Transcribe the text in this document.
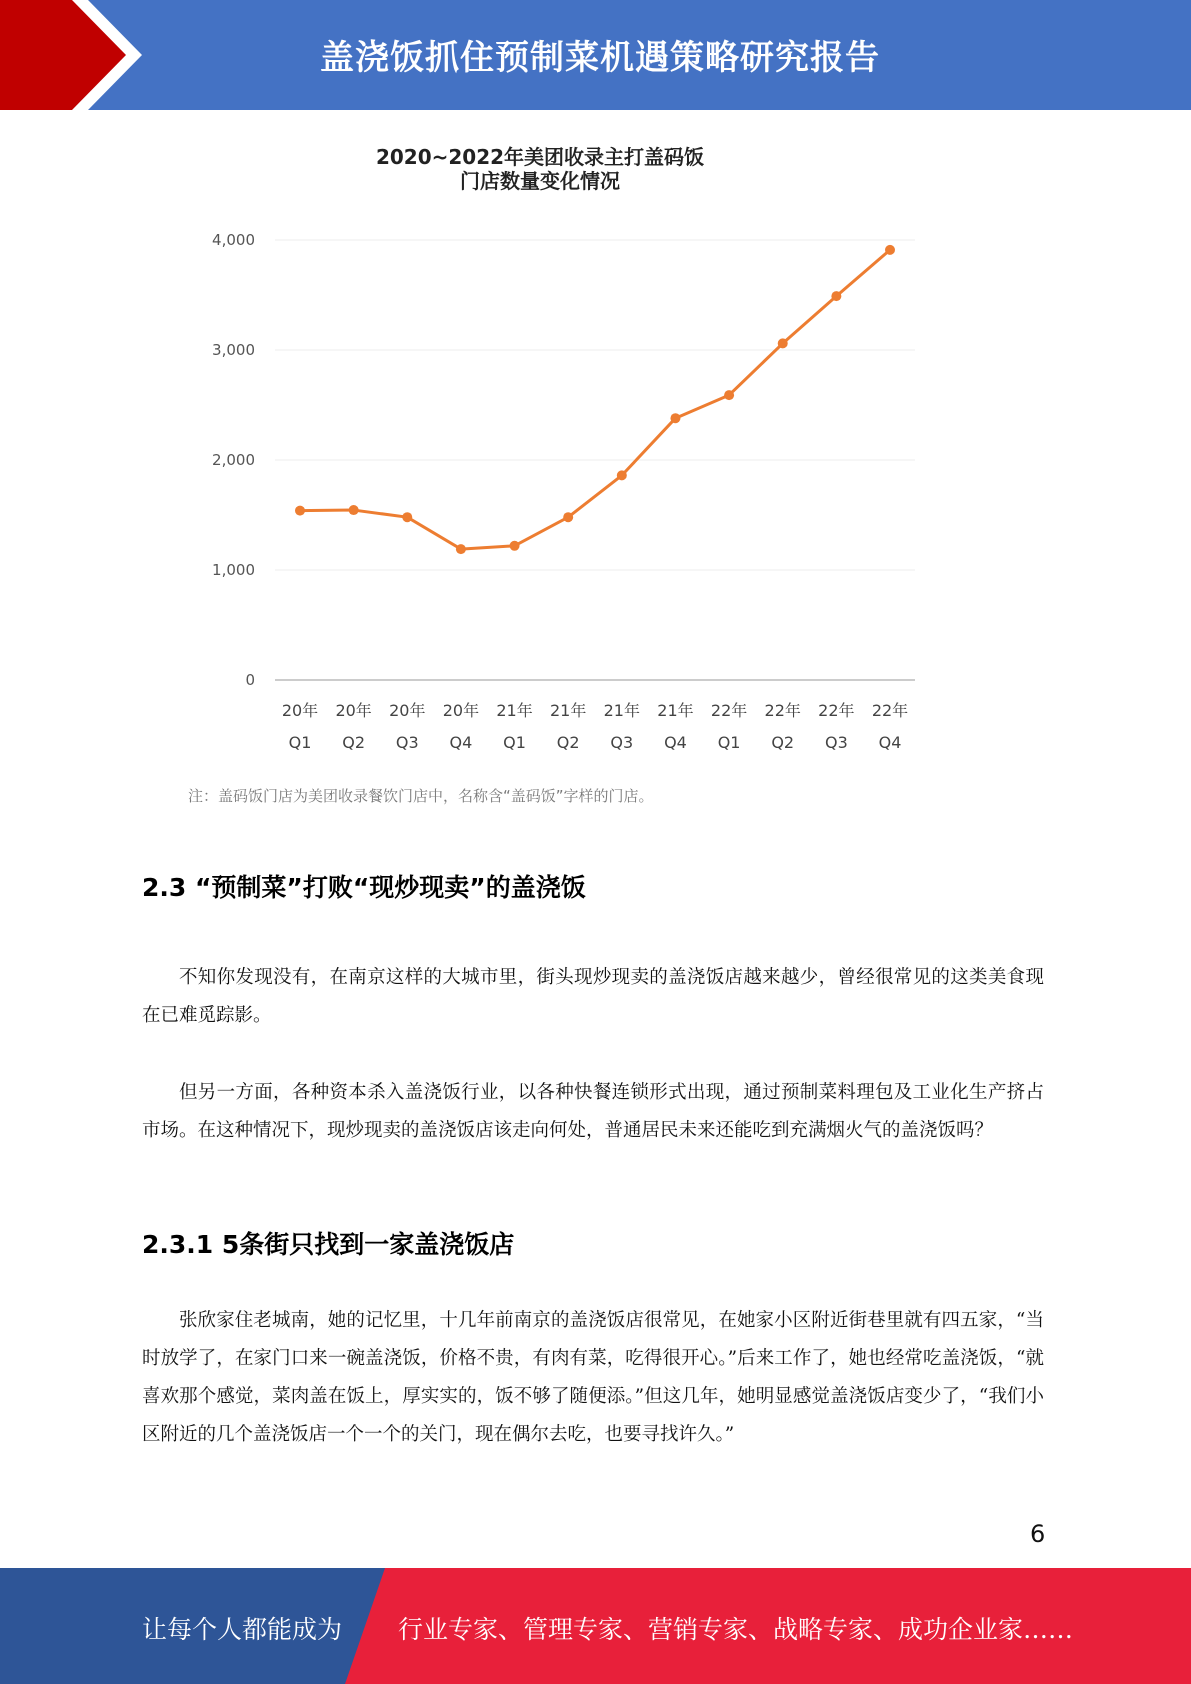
盖浇饭抓住预制菜机遇策略研究报告
0
1,000
2,000
3,000
4,000
20年
Q1
20年
Q2
20年
Q3
20年
Q4
21年
Q1
21年
Q2
21年
Q3
21年
Q4
22年
Q1
22年
Q2
22年
Q3
22年
Q4
2020~2022年美团收录主打盖码饭
门店数量变化情况
注：盖码饭门店为美团收录餐饮门店中，名称含“盖码饭”字样的门店。
2.3 “预制菜”打败“现炒现卖”的盖浇饭

不知你发现没有，在南京这样的大城市里，街头现炒现卖的盖浇饭店越来越少，曾经很常见的这类美食现在已难觅踪影。

但另一方面，各种资本杀入盖浇饭行业，以各种快餐连锁形式出现，通过预制菜料理包及工业化生产挤占市场。在这种情况下，现炒现卖的盖浇饭店该走向何处，普通居民未来还能吃到充满烟火气的盖浇饭吗？

2.3.1 5条街只找到一家盖浇饭店

张欣家住老城南，她的记忆里，十几年前南京的盖浇饭店很常见，在她家小区附近街巷里就有四五家，“当时放学了，在家门口来一碗盖浇饭，价格不贵，有肉有菜，吃得很开心。”后来工作了，她也经常吃盖浇饭，“就喜欢那个感觉，菜肉盖在饭上，厚实实的，饭不够了随便添。”但这几年，她明显感觉盖浇饭店变少了，“我们小区附近的几个盖浇饭店一个一个的关门，现在偶尔去吃，也要寻找许久。”

6
让每个人都能成为 行业专家、管理专家、营销专家、战略专家、成功企业家……
